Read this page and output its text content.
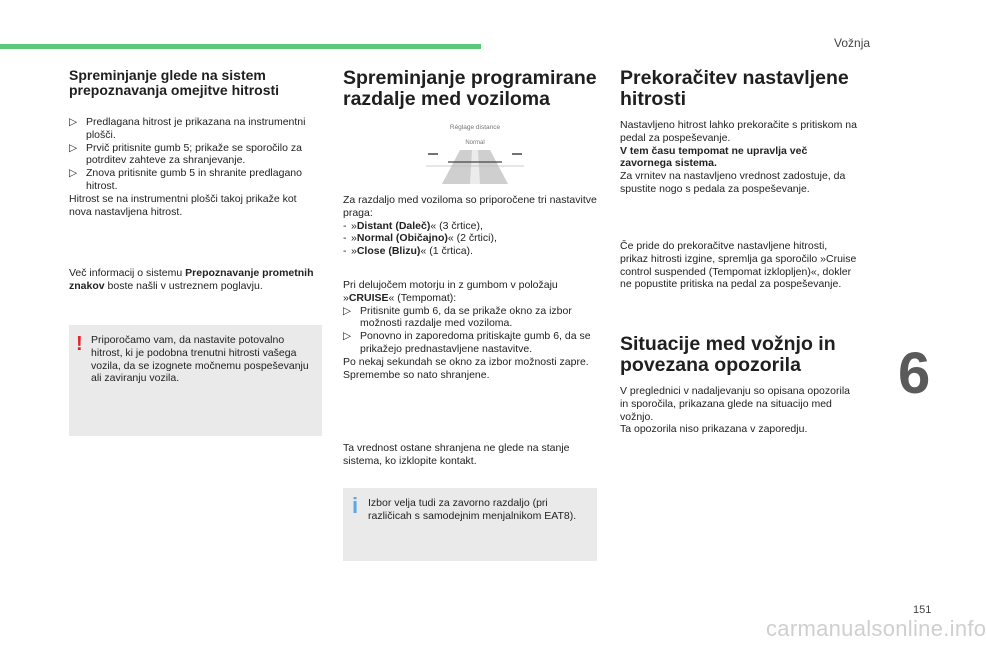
Vožnja
Spreminjanje glede na sistem prepoznavanja omejitve hitrosti
▷ Predlagana hitrost je prikazana na instrumentni plošči.
▷ Prvič pritisnite gumb 5; prikaže se sporočilo za potrditev zahteve za shranjevanje.
▷ Znova pritisnite gumb 5 in shranite predlagano hitrost.

Hitrost se na instrumentni plošči takoj prikaže kot nova nastavljena hitrost.

Več informacij o sistemu Prepoznavanje prometnih znakov boste našli v ustreznem poglavju.

! Priporočamo vam, da nastavite potovalno hitrost, ki je podobna trenutni hitrosti vašega vozila, da se izognete močnemu pospeševanju ali zaviranju vozila.

Spreminjanje programirane razdalje med voziloma
Réglage distance
Normal

Za razdaljo med voziloma so priporočene tri nastavitve praga:

- »Distant (Daleč)« (3 črtice),
- »Normal (Običajno)« (2 črtici),
- »Close (Blizu)« (1 črtica).

Pri delujočem motorju in z gumbom v položaju »CRUISE« (Tempomat):

▷ Pritisnite gumb 6, da se prikaže okno za izbor možnosti razdalje med voziloma.
▷ Ponovno in zaporedoma pritiskajte gumb 6, da se prikažejo prednastavljene nastavitve.

Po nekaj sekundah se okno za izbor možnosti zapre.

Spremembe so nato shranjene.

Ta vrednost ostane shranjena ne glede na stanje sistema, ko izklopite kontakt.

i Izbor velja tudi za zavorno razdaljo (pri različicah s samodejnim menjalnikom EAT8).

Prekoračitev nastavljene hitrosti

Nastavljeno hitrost lahko prekoračite s pritiskom na pedal za pospeševanje.

V tem času tempomat ne upravlja več zavornega sistema.

Za vrnitev na nastavljeno vrednost zadostuje, da spustite nogo s pedala za pospeševanje.

Če pride do prekoračitve nastavljene hitrosti, prikaz hitrosti izgine, spremlja ga sporočilo »Cruise control suspended (Tempomat izklopljen)«, dokler ne popustite pritiska na pedal za pospeševanje.

Situacije med vožnjo in povezana opozorila

V preglednici v nadaljevanju so opisana opozorila in sporočila, prikazana glede na situacijo med vožnjo.

Ta opozorila niso prikazana v zaporedju.

6
151
carmanualsonline.info
